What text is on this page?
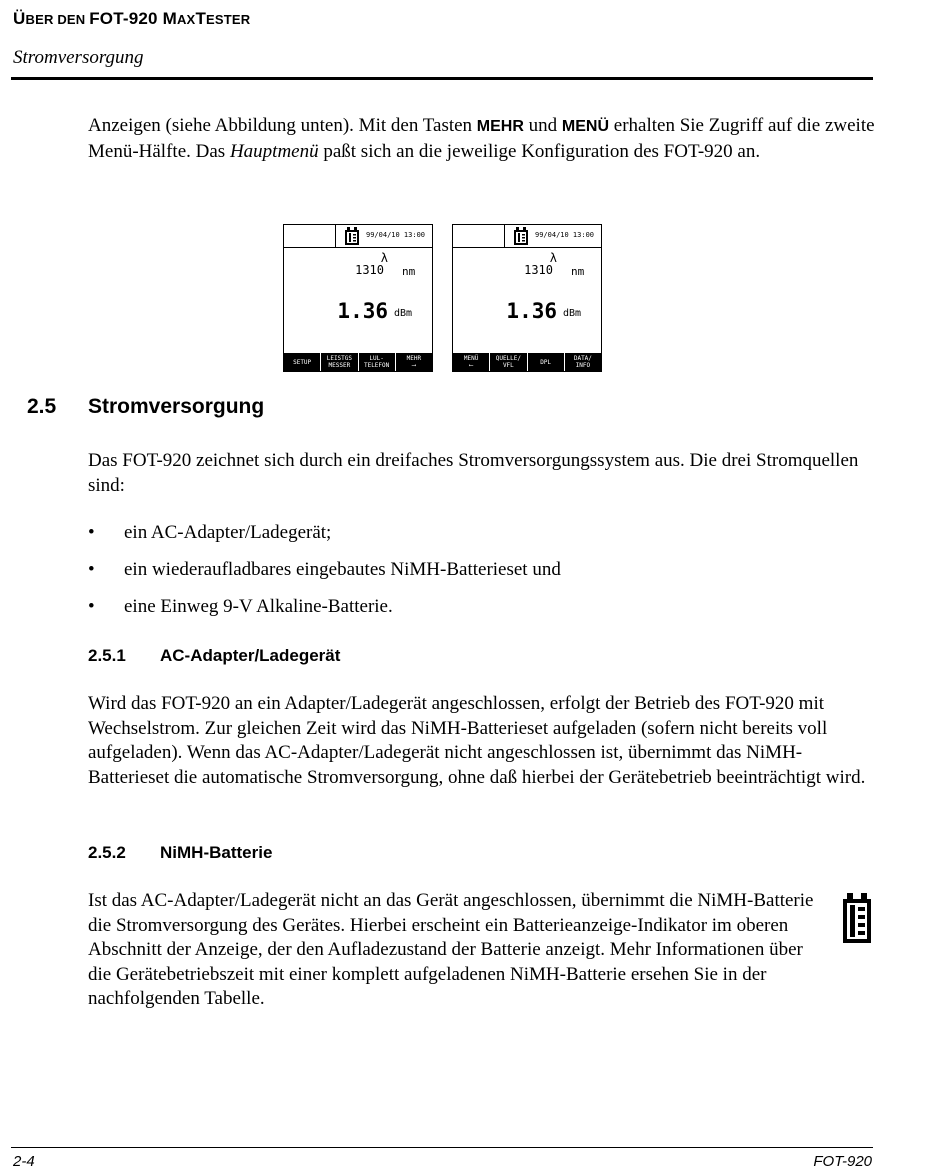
ÜBER DEN FOT-920 MAXTESTER
Stromversorgung
Anzeigen (siehe Abbildung unten). Mit den Tasten MEHR und MENÜ erhalten Sie Zugriff auf die zweite Menü-Hälfte. Das Hauptmenü paßt sich an die jeweilige Konfiguration des FOT-920 an.
99/04/10 13:00
λ
1310 nm
1.36 dBm
SETUP	LEISTGS
MESSER
LUL-
TELEFON
MEHR
⟶
99/04/10 13:00
λ
1310 nm
1.36 dBm
MENÜ
⟵
QUELLE/
VFL	DPL	DATA/
INFO
2.5 Stromversorgung
Das FOT-920 zeichnet sich durch ein dreifaches Stromversorgungssystem aus. Die drei Stromquellen sind:
• ein AC-Adapter/Ladegerät;
• ein wiederaufladbares eingebautes NiMH-Batterieset und
• eine Einweg 9-V Alkaline-Batterie.
2.5.1 AC-Adapter/Ladegerät
Wird das FOT-920 an ein Adapter/Ladegerät angeschlossen, erfolgt der Betrieb des FOT-920 mit Wechselstrom. Zur gleichen Zeit wird das NiMH-Batterieset aufgeladen (sofern nicht bereits voll aufgeladen). Wenn das AC-Adapter/Ladegerät nicht angeschlossen ist, übernimmt das NiMH-Batterieset die automatische Stromversorgung, ohne daß hierbei der Gerätebetrieb beeinträchtigt wird.
2.5.2 NiMH-Batterie
Ist das AC-Adapter/Ladegerät nicht an das Gerät angeschlossen, übernimmt die NiMH-Batterie die Stromversorgung des Gerätes. Hierbei erscheint ein Batterieanzeige-Indikator im oberen Abschnitt der Anzeige, der den Aufladezustand der Batterie anzeigt. Mehr Informationen über die Gerätebetriebszeit mit einer komplett aufgeladenen NiMH-Batterie ersehen Sie in der nachfolgenden Tabelle.
2-4	FOT-920
